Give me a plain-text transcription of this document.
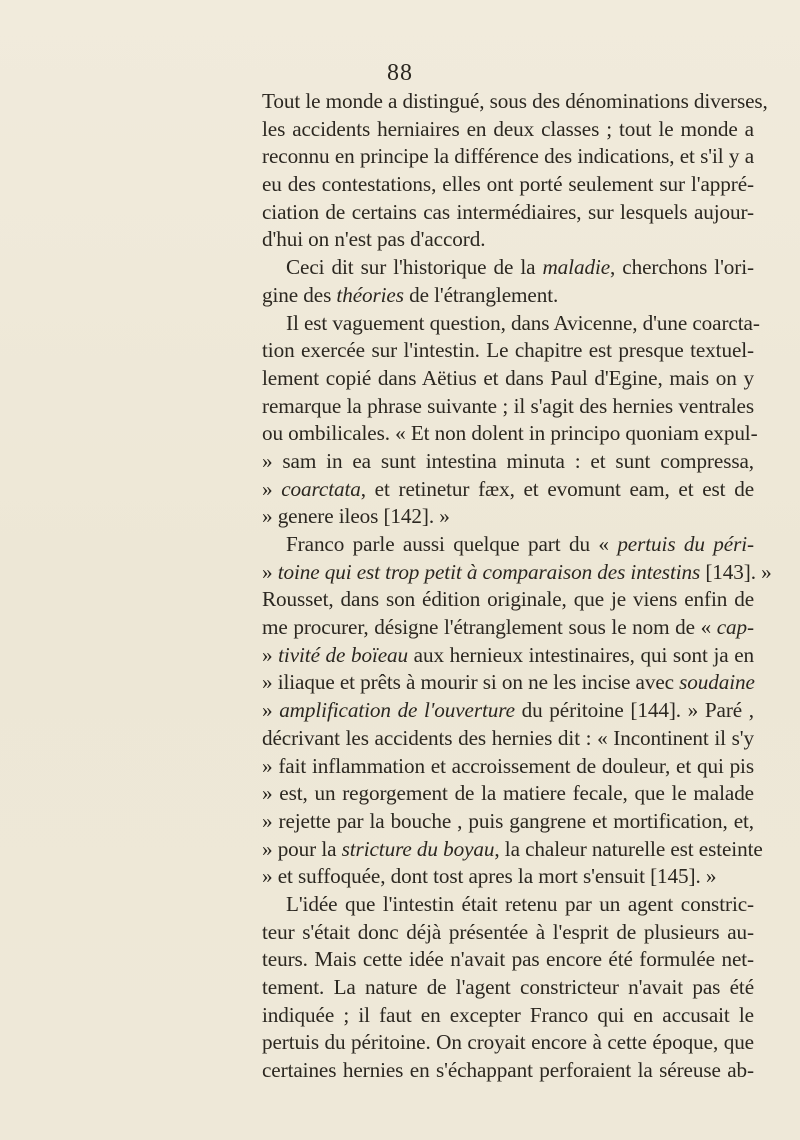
88
Tout le monde a distingué, sous des dénominations diverses,
les accidents herniaires en deux classes ; tout le monde a
reconnu en principe la différence des indications, et s'il y a
eu des contestations, elles ont porté seulement sur l'appré-
ciation de certains cas intermédiaires, sur lesquels aujour-
d'hui on n'est pas d'accord.
Ceci dit sur l'historique de la maladie, cherchons l'ori-
gine des théories de l'étranglement.
Il est vaguement question, dans Avicenne, d'une coarcta-
tion exercée sur l'intestin. Le chapitre est presque textuel-
lement copié dans Aëtius et dans Paul d'Egine, mais on y
remarque la phrase suivante ; il s'agit des hernies ventrales
ou ombilicales. « Et non dolent in principo quoniam expul-
» sam in ea sunt intestina minuta : et sunt compressa,
» coarctata, et retinetur fæx, et evomunt eam, et est de
» genere ileos [142]. »
Franco parle aussi quelque part du « pertuis du péri-
» toine qui est trop petit à comparaison des intestins [143]. »
Rousset, dans son édition originale, que je viens enfin de
me procurer, désigne l'étranglement sous le nom de « cap-
» tivité de boïeau aux hernieux intestinaires, qui sont ja en
» iliaque et prêts à mourir si on ne les incise avec soudaine
» amplification de l'ouverture du péritoine [144]. » Paré ,
décrivant les accidents des hernies dit : « Incontinent il s'y
» fait inflammation et accroissement de douleur, et qui pis
» est, un regorgement de la matiere fecale, que le malade
» rejette par la bouche , puis gangrene et mortification, et,
» pour la stricture du boyau, la chaleur naturelle est esteinte
» et suffoquée, dont tost apres la mort s'ensuit [145]. »
L'idée que l'intestin était retenu par un agent constric-
teur s'était donc déjà présentée à l'esprit de plusieurs au-
teurs. Mais cette idée n'avait pas encore été formulée net-
tement. La nature de l'agent constricteur n'avait pas été
indiquée ; il faut en excepter Franco qui en accusait le
pertuis du péritoine. On croyait encore à cette époque, que
certaines hernies en s'échappant perforaient la séreuse ab-
